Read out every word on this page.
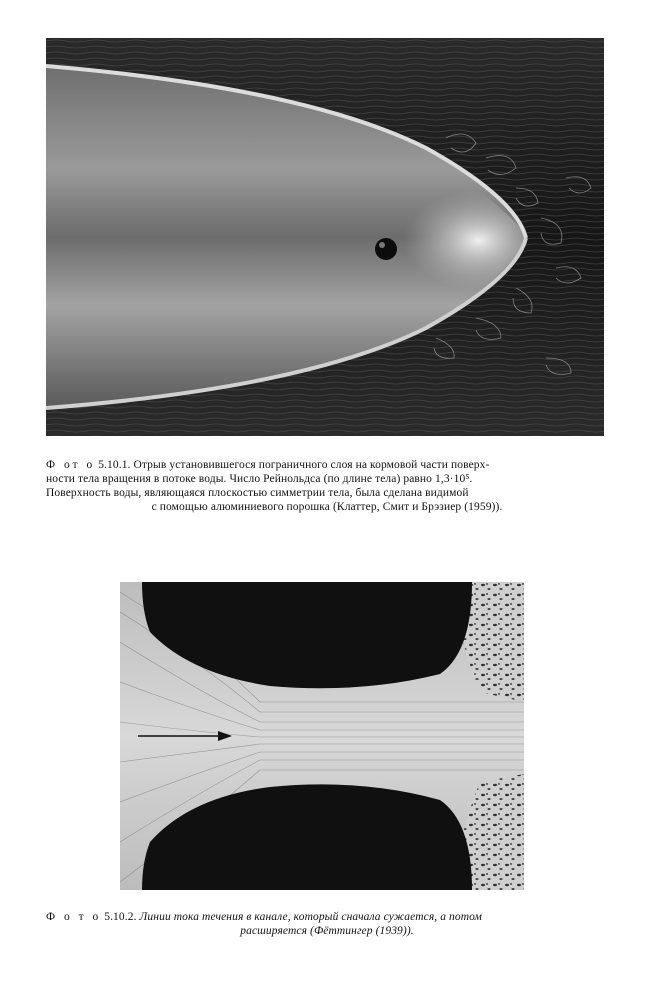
Ф от о 5.10.1. Отрыв установившегося пограничного слоя на кормовой части поверх-
ности тела вращения в потоке воды. Число Рейнольдса (по длине тела) равно 1,3·10⁵.
Поверхность воды, являющаяся плоскостью симметрии тела, была сделана видимой
с помощью алюминиевого порошка (Клаттер, Смит и Брэзиер (1959)).
Ф о т о 5.10.2. Линии тока течения в канале, который сначала сужается, а потом
расширяется (Фёттингер (1939)).
